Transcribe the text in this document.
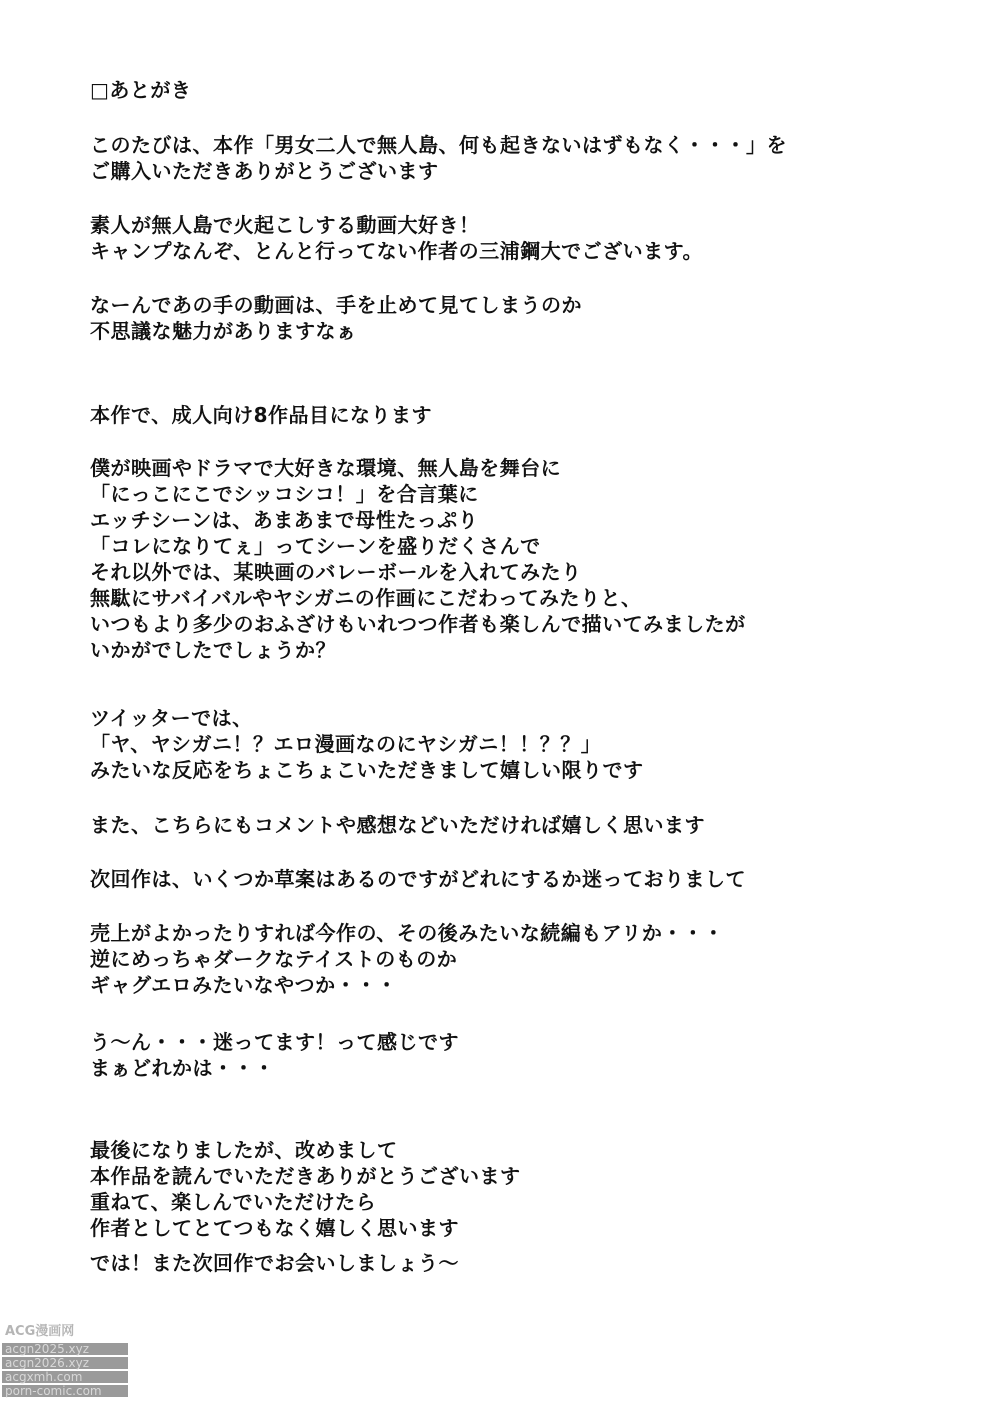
□あとがき
このたびは、本作「男女二人で無人島、何も起きないはずもなく・・・」を
ご購入いただきありがとうございます
素人が無人島で火起こしする動画大好き！
キャンプなんぞ、とんと行ってない作者の三浦鋼大でございます。
なーんであの手の動画は、手を止めて見てしまうのか
不思議な魅力がありますなぁ
本作で、成人向け8作品目になります
僕が映画やドラマで大好きな環境、無人島を舞台に
「にっこにこでシッコシコ！」を合言葉に
エッチシーンは、あまあまで母性たっぷり
「コレになりてぇ」ってシーンを盛りだくさんで
それ以外では、某映画のバレーボールを入れてみたり
無駄にサバイバルやヤシガニの作画にこだわってみたりと、
いつもより多少のおふざけもいれつつ作者も楽しんで描いてみましたが
いかがでしたでしょうか？
ツイッターでは、
「ヤ、ヤシガニ！？エロ漫画なのにヤシガニ！！？？」
みたいな反応をちょこちょこいただきまして嬉しい限りです
また、こちらにもコメントや感想などいただければ嬉しく思います
次回作は、いくつか草案はあるのですがどれにするか迷っておりまして
売上がよかったりすれば今作の、その後みたいな続編もアリか・・・
逆にめっちゃダークなテイストのものか
ギャグエロみたいなやつか・・・
う～ん・・・迷ってます！って感じです
まぁどれかは・・・
最後になりましたが、改めまして
本作品を読んでいただきありがとうございます
重ねて、楽しんでいただけたら
作者としてとてつもなく嬉しく思います
では！また次回作でお会いしましょう～
ACG漫画网
acgn2025.xyz
acgn2026.xyz
acgxmh.com
porn-comic.com
